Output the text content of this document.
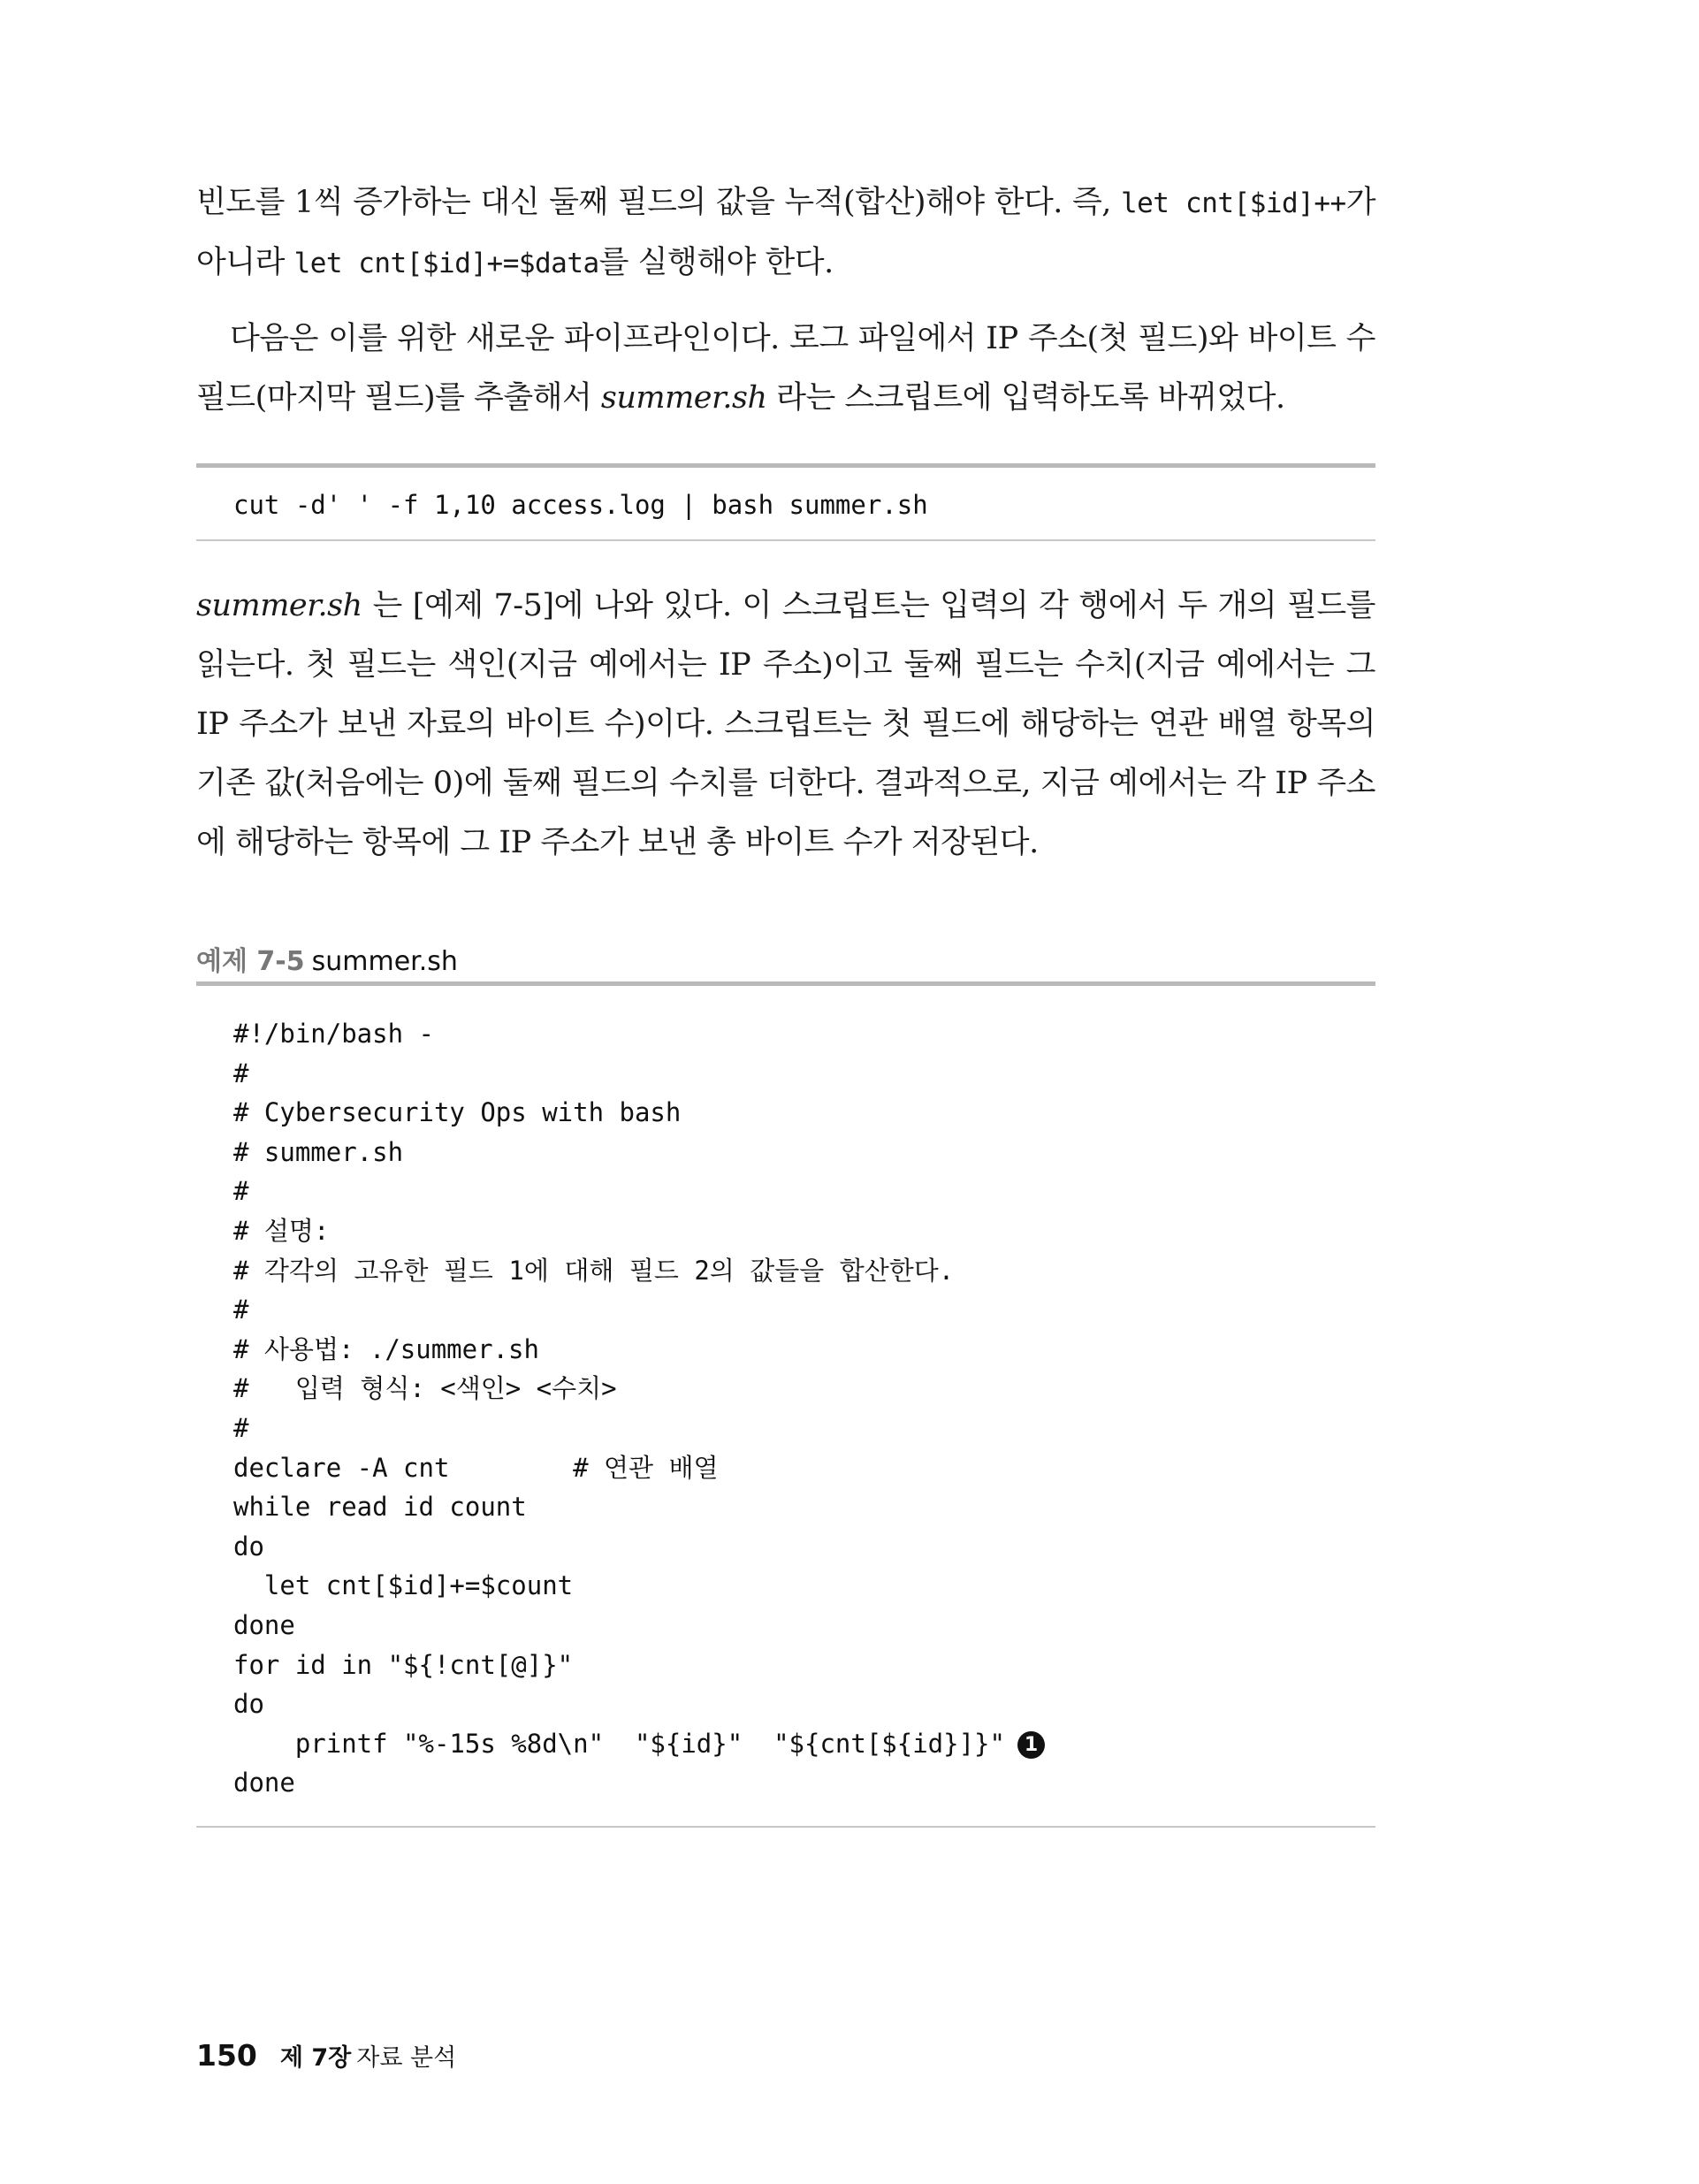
빈도를 1씩 증가하는 대신 둘째 필드의 값을 누적(합산)해야 한다. 즉, let cnt[$id]++가 아니라 let cnt[$id]+=$data를 실행해야 한다.

다음은 이를 위한 새로운 파이프라인이다. 로그 파일에서 IP 주소(첫 필드)와 바이트 수 필드(마지막 필드)를 추출해서 summer.sh 라는 스크립트에 입력하도록 바뀌었다.

cut -d' ' -f 1,10 access.log | bash summer.sh

summer.sh 는 [예제 7-5]에 나와 있다. 이 스크립트는 입력의 각 행에서 두 개의 필드를 읽는다. 첫 필드는 색인(지금 예에서는 IP 주소)이고 둘째 필드는 수치(지금 예에서는 그 IP 주소가 보낸 자료의 바이트 수)이다. 스크립트는 첫 필드에 해당하는 연관 배열 항목의 기존 값(처음에는 0)에 둘째 필드의 수치를 더한다. 결과적으로, 지금 예에서는 각 IP 주소에 해당하는 항목에 그 IP 주소가 보낸 총 바이트 수가 저장된다.

예제 7-5 summer.sh
#!/bin/bash -
#
# Cybersecurity Ops with bash
# summer.sh
#
# 설명:
# 각각의 고유한 필드 1에 대해 필드 2의 값들을 합산한다.
#
# 사용법: ./summer.sh
#   입력 형식: <색인> <수치>
#
declare -A cnt        # 연관 배열
while read id count
do
let cnt[$id]+=$count
done
for id in "${!cnt[@]}"
do
printf "%-15s %8d\n"  "${id}"  "${cnt[${id}]}" 1
done
150 제 7장 자료 분석
